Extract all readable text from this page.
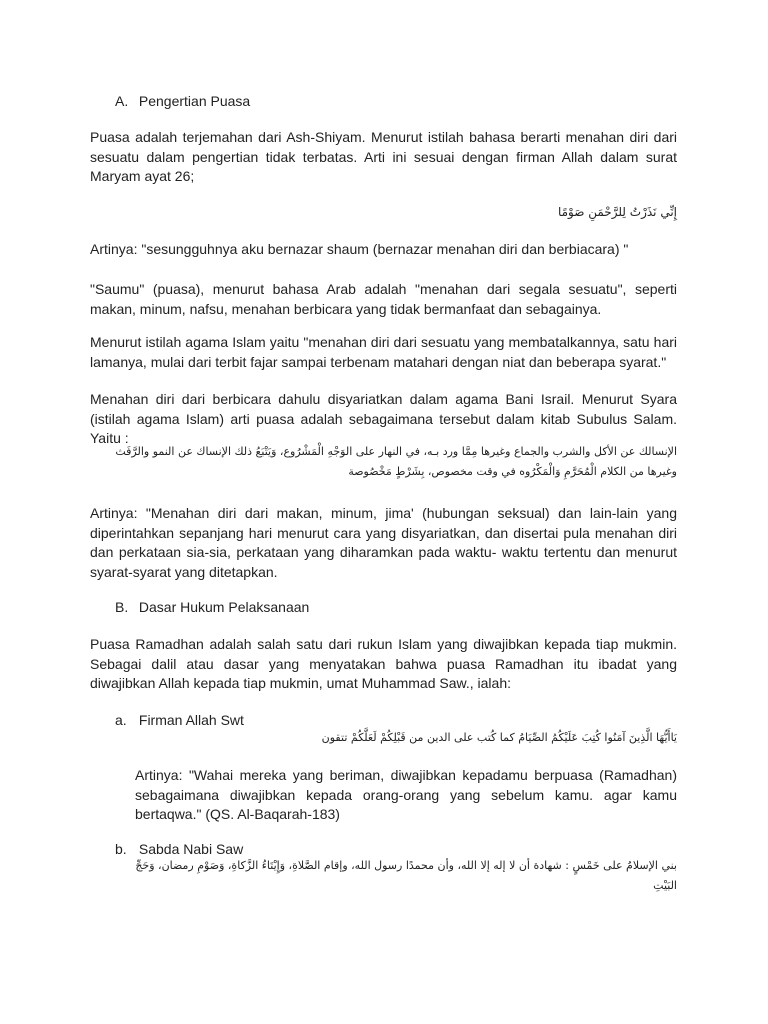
A. Pengertian Puasa

Puasa adalah terjemahan dari Ash-Shiyam. Menurut istilah bahasa berarti menahan diri dari sesuatu dalam pengertian tidak terbatas. Arti ini sesuai dengan firman Allah dalam surat Maryam ayat 26;

إِنِّي نَذَرْتُ لِلرَّحْمَنِ صَوْمًا

Artinya: "sesungguhnya aku bernazar shaum (bernazar menahan diri dan berbiacara) "

"Saumu" (puasa), menurut bahasa Arab adalah "menahan dari segala sesuatu", seperti makan, minum, nafsu, menahan berbicara yang tidak bermanfaat dan sebagainya.

Menurut istilah agama Islam yaitu "menahan diri dari sesuatu yang membatalkannya, satu hari lamanya, mulai dari terbit fajar sampai terbenam matahari dengan niat dan beberapa syarat."

Menahan diri dari berbicara dahulu disyariatkan dalam agama Bani Israil. Menurut Syara (istilah agama Islam) arti puasa adalah sebagaimana tersebut dalam kitab Subulus Salam. Yaitu :

الإنسالك عن الأكل والشرب والجماع وغيرها مِمَّا ورد بـه، في النهار على الوَجْهِ الْمَشْرُوع، وَيَتْبَعُ ذلك الإنساك عن النمو والرَّفَث وغيرها من الكلام الْمُحَرَّمِ وَالْمَكْرُوه في وقت مخصوص، بِشَرْطٍ مَخْصُوصة

Artinya: "Menahan diri dari makan, minum, jima' (hubungan seksual) dan lain-lain yang diperintahkan sepanjang hari menurut cara yang disyariatkan, dan disertai pula menahan diri dan perkataan sia-sia, perkataan yang diharamkan pada waktu- waktu tertentu dan menurut syarat-syarat yang ditetapkan.

B. Dasar Hukum Pelaksanaan

Puasa Ramadhan adalah salah satu dari rukun Islam yang diwajibkan kepada tiap mukmin. Sebagai dalil atau dasar yang menyatakan bahwa puasa Ramadhan itu ibadat yang diwajibkan Allah kepada tiap mukmin, umat Muhammad Saw., ialah:

a. Firman Allah Swt
يَاأَيُّهَا الَّذِينَ آمَنُوا كُتِبَ عَلَيْكُمُ الصِّيَامُ كما كُتب على الدين من قَبْلِكُمْ لَعَلَّكُمْ تتقون

Artinya: "Wahai mereka yang beriman, diwajibkan kepadamu berpuasa (Ramadhan) sebagaimana diwajibkan kepada orang-orang yang sebelum kamu. agar kamu bertaqwa." (QS. Al-Baqarah-183)

b. Sabda Nabi Saw
بني الإسلامُ على خَمْسٍ : شهادة أن لا إله إلا الله، وأن محمدًا رسول الله، وإقام الصَّلاةِ، وَإِيْتَاءُ الزَّكاةِ، وَصَوْمِ رمضان، وَحَجِّ البَيْتِ
